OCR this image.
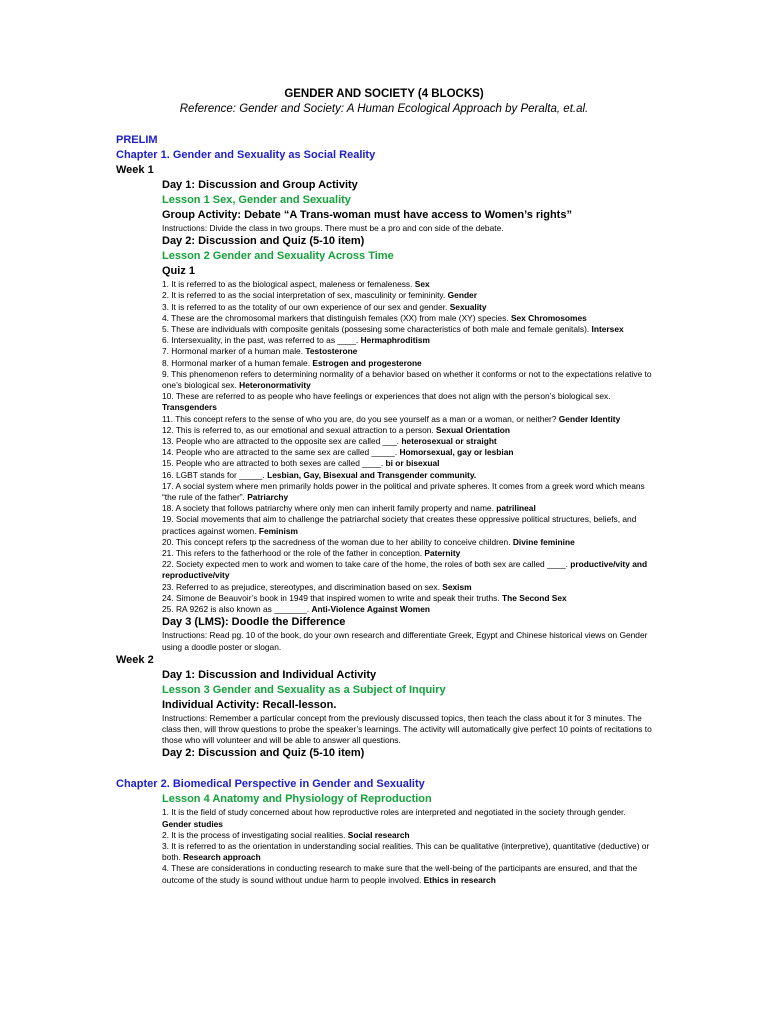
GENDER AND SOCIETY (4 BLOCKS)
Reference: Gender and Society: A Human Ecological Approach by Peralta, et.al.
PRELIM
Chapter 1. Gender and Sexuality as Social Reality
Week 1
Day 1: Discussion and Group Activity
Lesson 1 Sex, Gender and Sexuality
Group Activity: Debate “A Trans-woman must have access to Women’s rights”
Instructions: Divide the class in two groups. There must be a pro and con side of the debate.
Day 2: Discussion and Quiz (5-10 item)
Lesson 2 Gender and Sexuality Across Time
Quiz 1
1. It is referred to as the biological aspect, maleness or femaleness. Sex
2. It is referred to as the social interpretation of sex, masculinity or femininity. Gender
3. It is referred to as the totality of our own experience of our sex and gender. Sexuality
4. These are the chromosomal markers that distinguish females (XX) from male (XY) species. Sex Chromosomes
5. These are individuals with composite genitals (possesing some characteristics of both male and female genitals). Intersex
6. Intersexuality, in the past, was referred to as ____. Hermaphroditism
7. Hormonal marker of a human male. Testosterone
8. Hormonal marker of a human female. Estrogen and progesterone
9. This phenomenon refers to determining normality of a behavior based on whether it conforms or not to the expectations relative to one’s biological sex. Heteronormativity
10. These are referred to as people who have feelings or experiences that does not align with the person’s biological sex. Transgenders
11. This concept refers to the sense of who you are, do you see yourself as a man or a woman, or neither? Gender Identity
12. This is referred to, as our emotional and sexual attraction to a person. Sexual Orientation
13. People who are attracted to the opposite sex are called ___. heterosexual or straight
14. People who are attracted to the same sex are called _____. Homorsexual, gay or lesbian
15. People who are attracted to both sexes are called ____. bi or bisexual
16. LGBT stands for _____. Lesbian, Gay, Bisexual and Transgender community.
17. A social system where men primarily holds power in the political and private spheres. It comes from a greek word which means “the rule of the father”. Patriarchy
18. A society that follows patriarchy where only men can inherit family property and name. patrilineal
19. Social movements that aim to challenge the patriarchal society that creates these oppressive political structures, beliefs, and practices against women. Feminism
20. This concept refers tp the sacredness of the woman due to her ability to conceive children. Divine feminine
21. This refers to the fatherhood or the role of the father in conception. Paternity
22. Society expected men to work and women to take care of the home, the roles of both sex are called ____. productive/vity and reproductive/vity
23. Referred to as prejudice, stereotypes, and discrimination based on sex. Sexism
24. Simone de Beauvoir’s book in 1949 that inspired women to write and speak their truths. The Second Sex
25. RA 9262 is also known as _______. Anti-Violence Against Women
Day 3 (LMS): Doodle the Difference
Instructions: Read pg. 10 of the book, do your own research and differentiate Greek, Egypt and Chinese historical views on Gender using a doodle poster or slogan.
Week 2
Day 1: Discussion and Individual Activity
Lesson 3 Gender and Sexuality as a Subject of Inquiry
Individual Activity: Recall-lesson.
Instructions: Remember a particular concept from the previously discussed topics, then teach the class about it for 3 minutes. The class then, will throw questions to probe the speaker’s learnings. The activity will automatically give perfect 10 points of recitations to those who will volunteer and will be able to answer all questions.
Day 2: Discussion and Quiz (5-10 item)
Chapter 2. Biomedical Perspective in Gender and Sexuality
Lesson 4 Anatomy and Physiology of Reproduction
1. It is the field of study concerned about how reproductive roles are interpreted and negotiated in the society through gender. Gender studies
2. It is the process of investigating social realities. Social research
3. It is referred to as the orientation in understanding social realities. This can be qualitative (interpretive), quantitative (deductive) or both. Research approach
4. These are considerations in conducting research to make sure that the well-being of the participants are ensured, and that the outcome of the study is sound without undue harm to people involved. Ethics in research
